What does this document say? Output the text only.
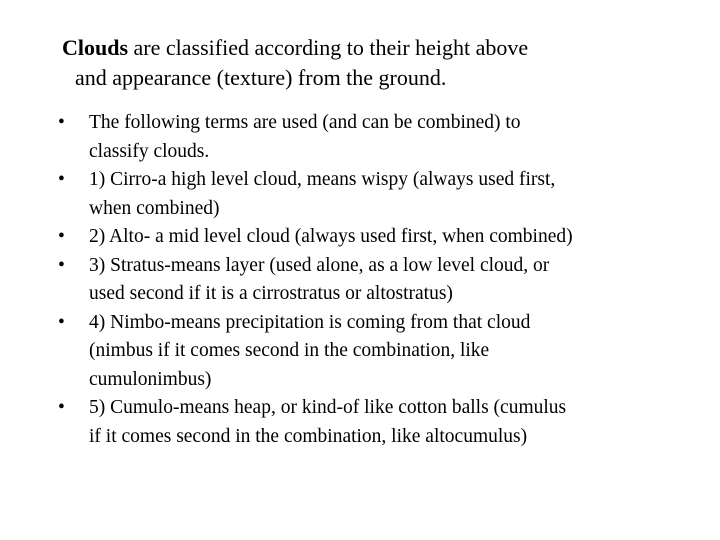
Clouds are classified according to their height above
and appearance (texture) from the ground.
• The following terms are used (and can be combined) to
classify clouds.
• 1) Cirro-a high level cloud, means wispy (always used first,
when combined)
• 2) Alto- a mid level cloud (always used first, when combined)
• 3) Stratus-means layer (used alone, as a low level cloud, or
used second if it is a cirrostratus or altostratus)
• 4) Nimbo-means precipitation is coming from that cloud
(nimbus if it comes second in the combination, like
cumulonimbus)
• 5) Cumulo-means heap, or kind-of like cotton balls (cumulus
if it comes second in the combination, like altocumulus)
